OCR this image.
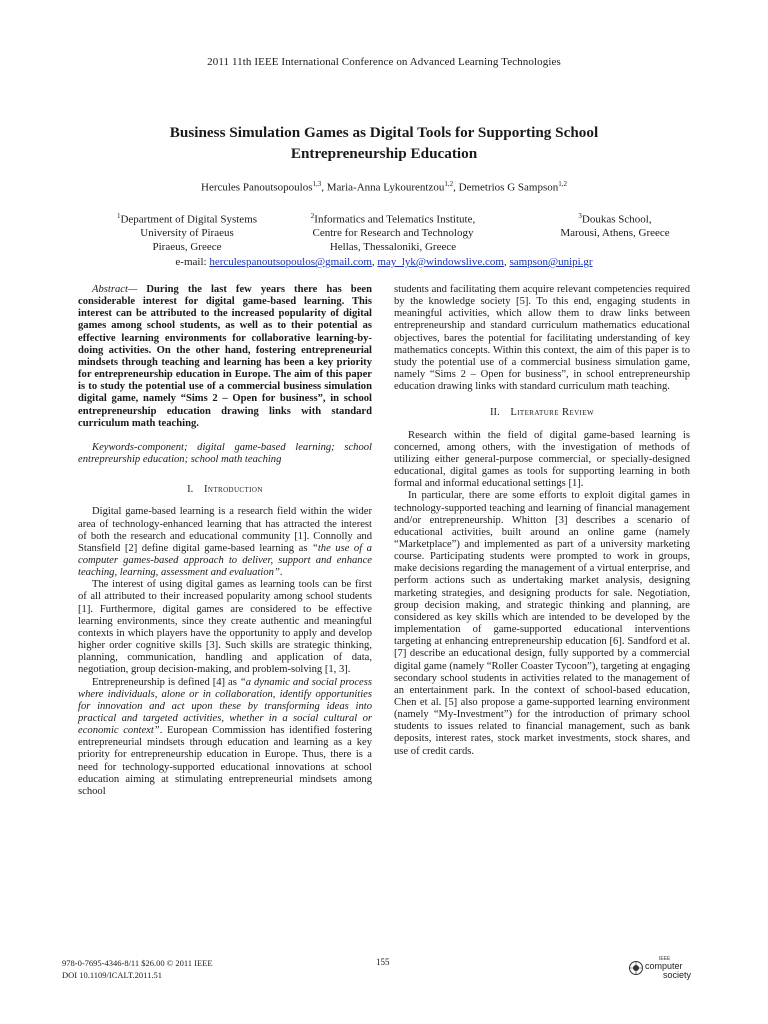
2011 11th IEEE International Conference on Advanced Learning Technologies
Business Simulation Games as Digital Tools for Supporting School
Entrepreneurship Education
Hercules Panoutsopoulos$^{1,3}$, Maria-Anna Lykourentzou$^{1,2}$, Demetrios G Sampson$^{1,2}$
$^1$Department of Digital Systems
University of Piraeus
Piraeus, Greece
$^2$Informatics and Telematics Institute,
Centre for Research and Technology
Hellas, Thessaloniki, Greece
$^3$Doukas School,
Marousi, Athens, Greece
e-mail: herculespanoutsopoulos@gmail.com, may_lyk@windowslive.com, sampson@unipi.gr

Abstract— During the last few years there has been considerable interest for digital game-based learning. This interest can be attributed to the increased popularity of digital games among school students, as well as to their potential as effective learning environments for collaborative learning-by-doing activities. On the other hand, fostering entrepreneurial mindsets through teaching and learning has been a key priority for entrepreneurship education in Europe. The aim of this paper is to study the potential use of a commercial business simulation digital game, namely “Sims 2 – Open for business”, in school entrepreneurship education drawing links with standard curriculum math teaching.

Keywords-component; digital game-based learning; school entrepreurship education; school math teaching

I. Introduction

Digital game-based learning is a research field within the wider area of technology-enhanced learning that has attracted the interest of both the research and educational community [1]. Connolly and Stansfield [2] define digital game-based learning as “the use of a computer games-based approach to deliver, support and enhance teaching, learning, assessment and evaluation”.

The interest of using digital games as learning tools can be first of all attributed to their increased popularity among school students [1]. Furthermore, digital games are considered to be effective learning environments, since they create authentic and meaningful contexts in which players have the opportunity to apply and develop higher order cognitive skills [3]. Such skills are strategic thinking, planning, communication, handling and application of data, negotiation, group decision-making, and problem-solving [1, 3].

Entrepreneurship is defined [4] as “a dynamic and social process where individuals, alone or in collaboration, identify opportunities for innovation and act upon these by transforming ideas into practical and targeted activities, whether in a social cultural or economic context”. European Commission has identified fostering entrepreneurial mindsets through education and learning as a key priority for entrepreneurship education in Europe. Thus, there is a need for technology-supported educational innovations at school education aiming at stimulating entrepreneurial mindsets among school

students and facilitating them acquire relevant competencies required by the knowledge society [5]. To this end, engaging students in meaningful activities, which allow them to draw links between entrepreneurship and standard curriculum mathematics educational objectives, bares the potential for facilitating understanding of key mathematics concepts. Within this context, the aim of this paper is to study the potential use of a commercial business simulation game, namely “Sims 2 – Open for business”, in school entrepreneurship education drawing links with standard curriculum math teaching.

II. Literature Review

Research within the field of digital game-based learning is concerned, among others, with the investigation of methods of utilizing either general-purpose commercial, or specially-designed educational, digital games as tools for supporting learning in both formal and informal educational settings [1].

In particular, there are some efforts to exploit digital games in technology-supported teaching and learning of financial management and/or entrepreneurship. Whitton [3] describes a scenario of educational activities, built around an online game (namely “Marketplace”) and implemented as part of a university marketing course. Participating students were prompted to work in groups, make decisions regarding the management of a virtual enterprise, and perform actions such as undertaking market analysis, designing marketing strategies, and designing products for sale. Negotiation, group decision making, and strategic thinking and planning, are considered as key skills which are intended to be developed by the implementation of game-supported educational interventions targeting at enhancing entrepreneurship education [6]. Sandford et al. [7] describe an educational design, fully supported by a commercial digital game (namely “Roller Coaster Tycoon”), targeting at engaging secondary school students in activities related to the management of an entertainment park. In the context of school-based education, Chen et al. [5] also propose a game-supported learning environment (namely “My-Investment”) for the introduction of primary school students to issues related to financial management, such as bank deposits, interest rates, stock market investments, stock shares, and use of credit cards.

978-0-7695-4346-8/11 $26.00 © 2011 IEEE
DOI 10.1109/ICALT.2011.51
155	IEEE
computer
society
